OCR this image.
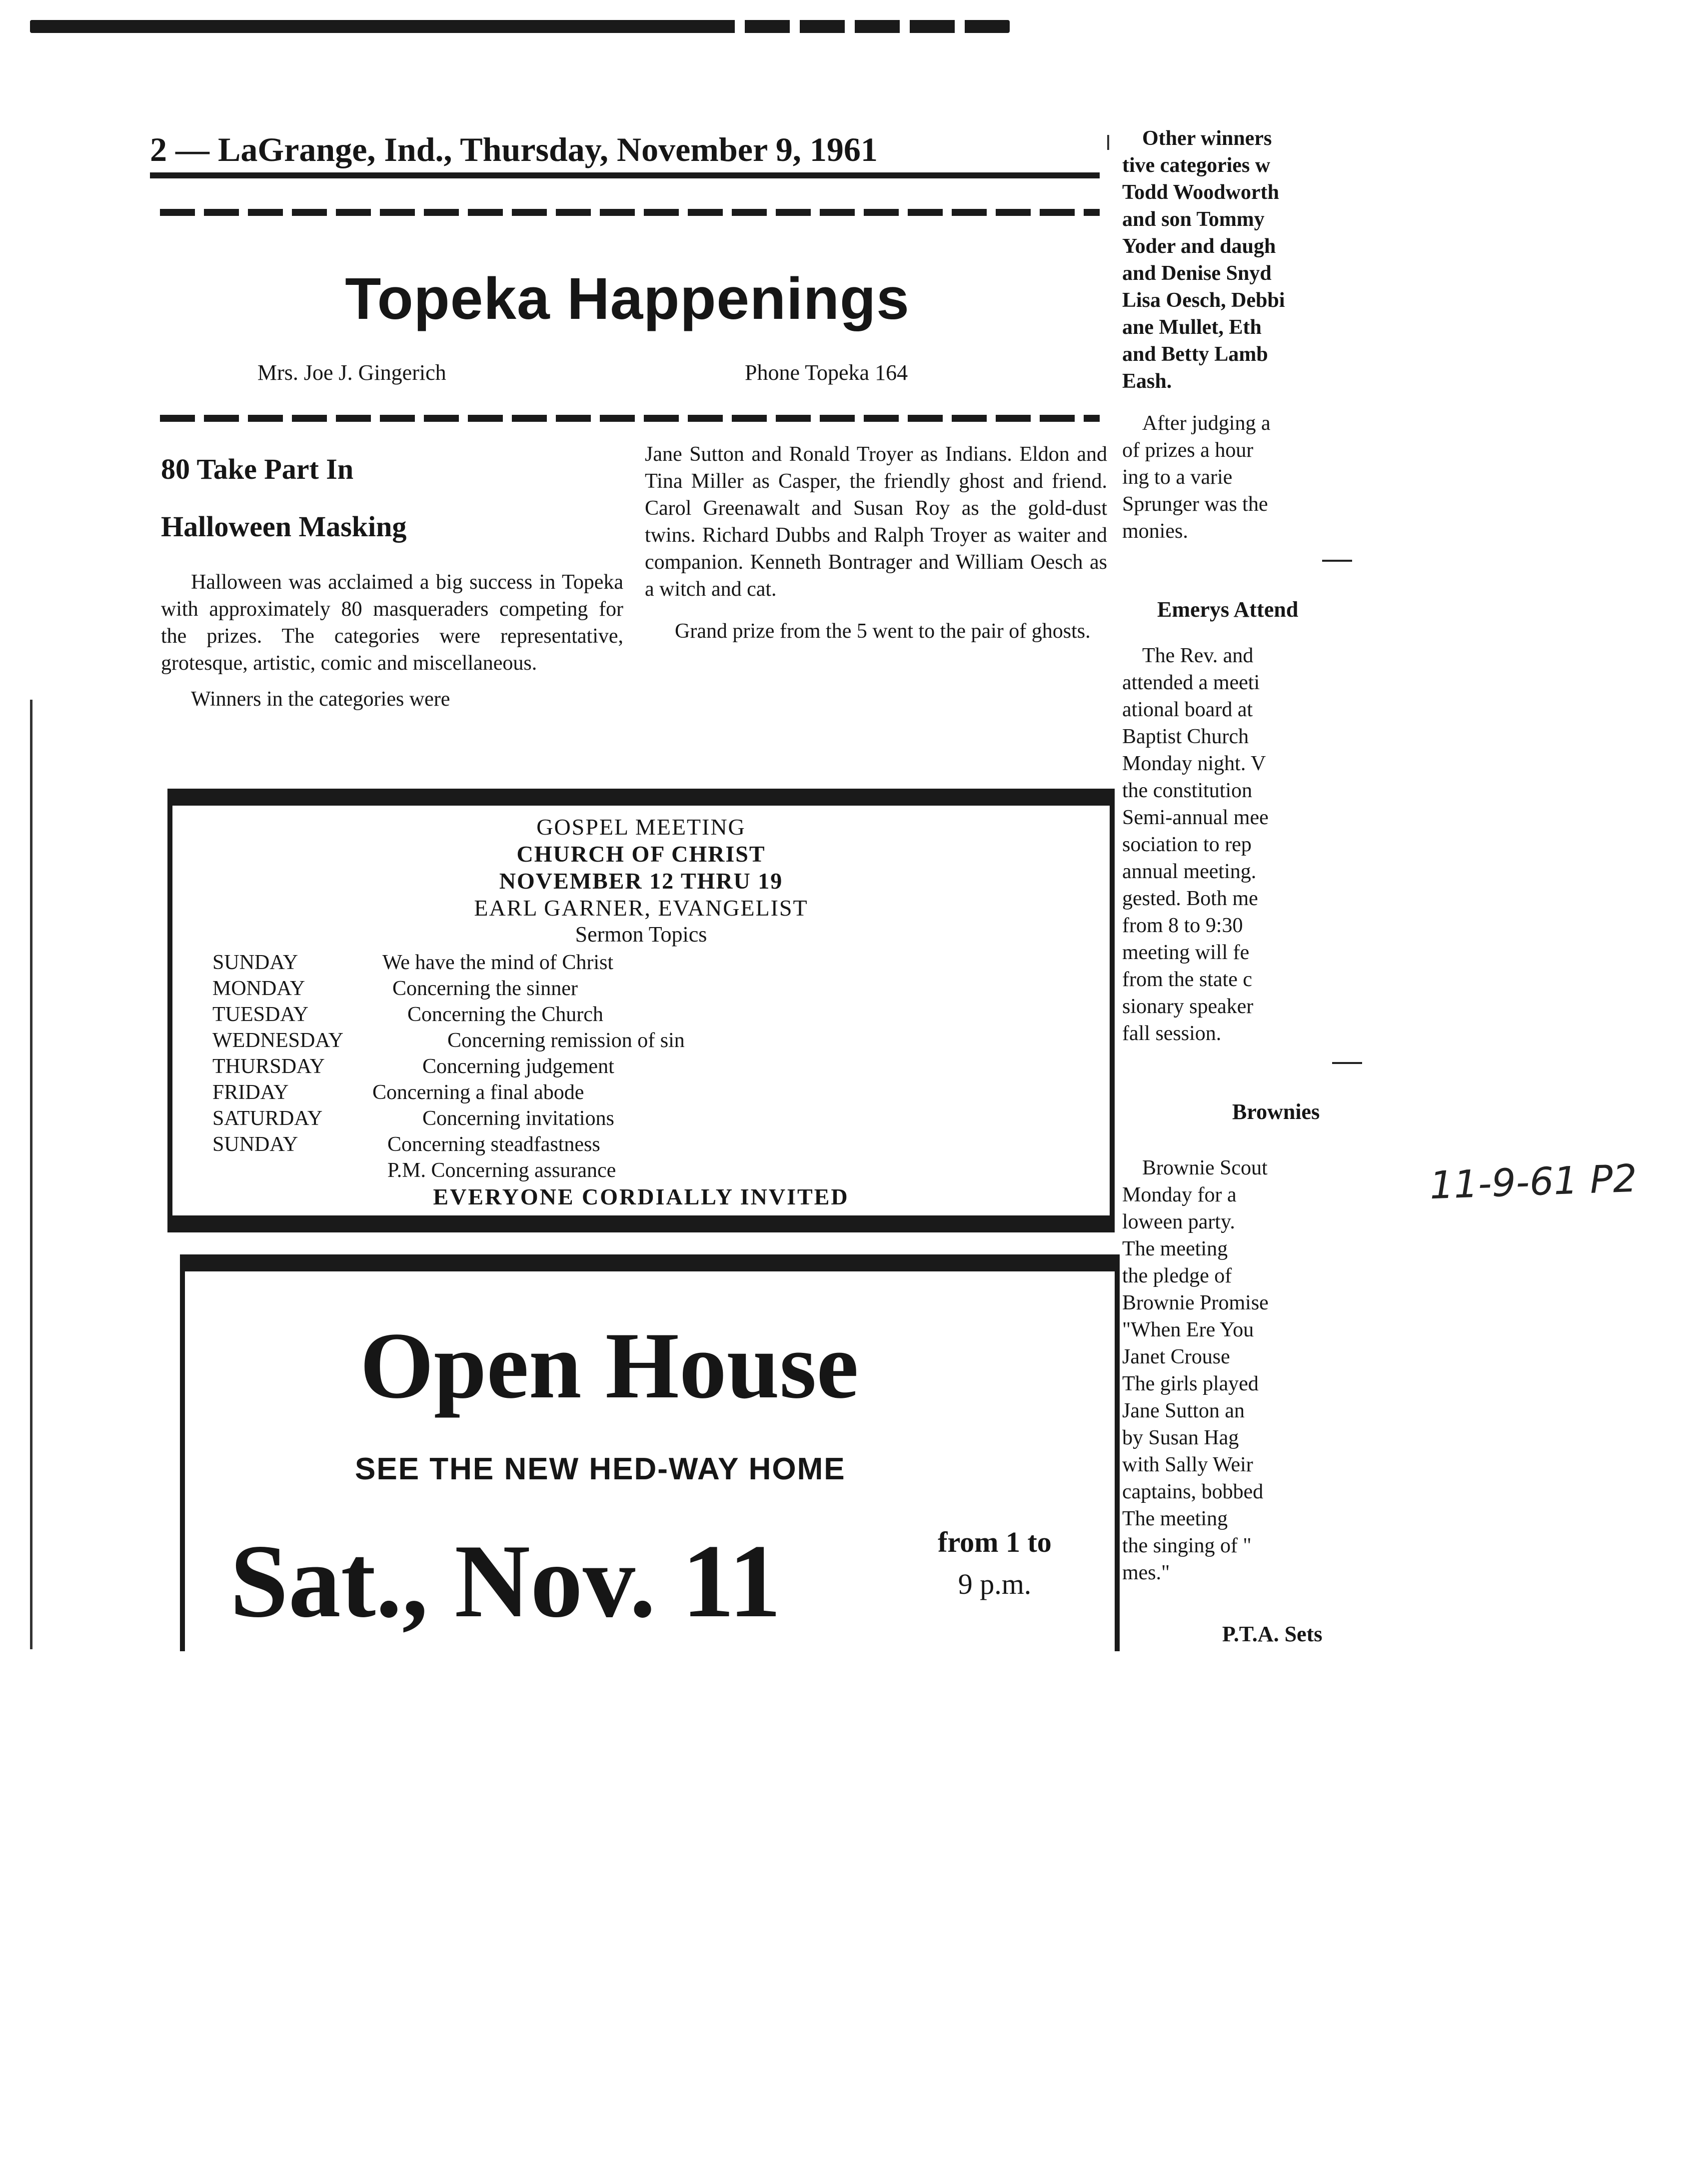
2 — LaGrange, Ind., Thursday, November 9, 1961
Topeka Happenings
Mrs. Joe J. Gingerich	Phone Topeka 164
80 Take Part In
Halloween Masking

Halloween was acclaimed a big success in Topeka with approximately 80 masqueraders competing for the prizes. The categories were representative, grotesque, artistic, comic and miscellaneous.

Winners in the categories were

Jane Sutton and Ronald Troyer as Indians. Eldon and Tina Miller as Casper, the friendly ghost and friend. Carol Greenawalt and Susan Roy as the gold-dust twins. Richard Dubbs and Ralph Troyer as waiter and companion. Kenneth Bontrager and William Oesch as a witch and cat.

Grand prize from the 5 went to the pair of ghosts.

GOSPEL MEETING
CHURCH OF CHRIST
NOVEMBER 12 THRU 19
EARL GARNER, EVANGELIST
Sermon Topics
SUNDAY	We have the mind of Christ
MONDAY	Concerning the sinner
TUESDAY	Concerning the Church
WEDNESDAY	Concerning remission of sin
THURSDAY	Concerning judgement
FRIDAY	Concerning a final abode
SATURDAY	Concerning invitations
SUNDAY	Concerning steadfastness
P.M. Concerning assurance
EVERYONE CORDIALLY INVITED
Open House
SEE THE NEW HED-WAY HOME
Sat., Nov. 11	from 1 to
9 p.m.

Other winners
tive categories w
Todd Woodworth
and son Tommy
Yoder and daugh
and Denise Snyd
Lisa Oesch, Debbi
ane Mullet, Eth
and Betty Lamb
Eash.

After judging a
of prizes a hour
ing to a varie
Sprunger was the
monies.

Emerys Attend

The Rev. and
attended a meeti
ational board at
Baptist Church
Monday night. V
the constitution
Semi-annual mee
sociation to rep
annual meeting.
gested. Both me
from 8 to 9:30
meeting will fe
from the state c
sionary speaker
fall session.

Brownies

Brownie Scout
Monday for a
loween party.
The meeting
the pledge of
Brownie Promise
"When Ere You
Janet Crouse
The girls played
Jane Sutton an
by Susan Hag
with Sally Weir
captains, bobbed
The meeting
the singing of "
mes."

P.T.A. Sets
11-9-61 P2
